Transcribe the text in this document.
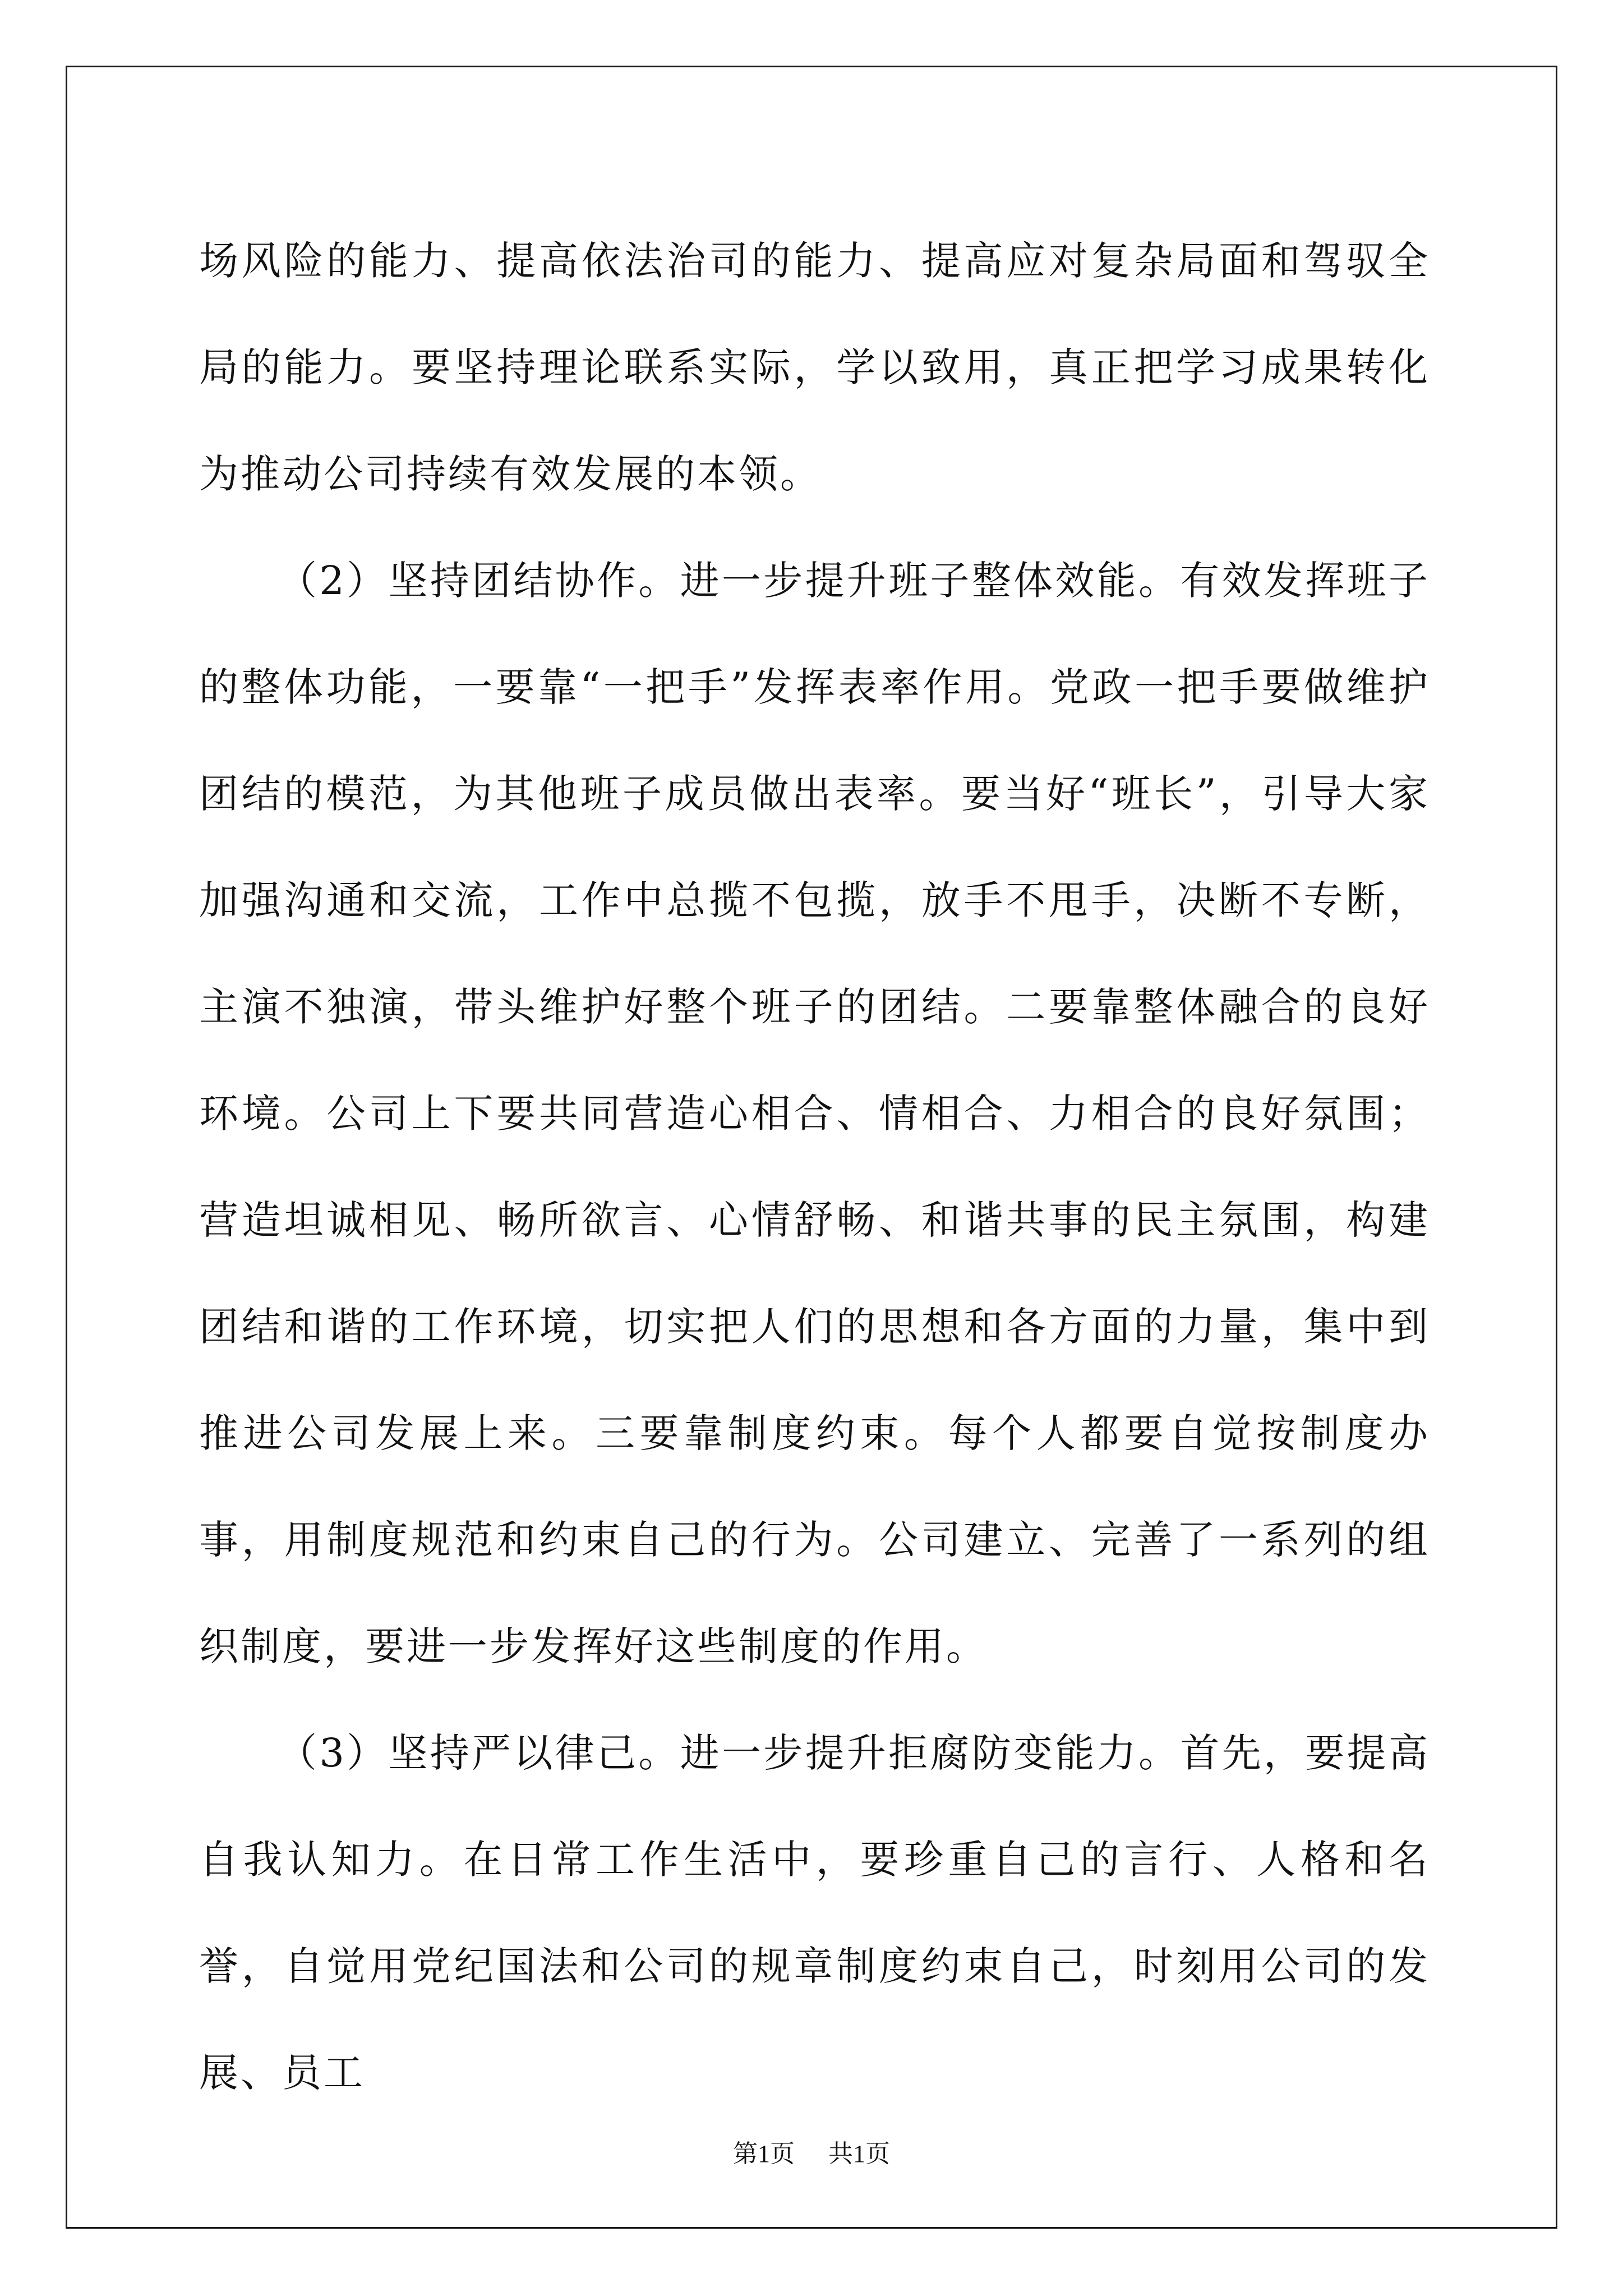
场风险的能力、提高依法治司的能力、提高应对复杂局面和驾驭全局的能力。要坚持理论联系实际，学以致用，真正把学习成果转化为推动公司持续有效发展的本领。

（2）坚持团结协作。进一步提升班子整体效能。有效发挥班子的整体功能，一要靠“一把手”发挥表率作用。党政一把手要做维护团结的模范，为其他班子成员做出表率。要当好“班长”，引导大家加强沟通和交流，工作中总揽不包揽，放手不甩手，决断不专断，主演不独演，带头维护好整个班子的团结。二要靠整体融合的良好环境。公司上下要共同营造心相合、情相合、力相合的良好氛围；营造坦诚相见、畅所欲言、心情舒畅、和谐共事的民主氛围，构建团结和谐的工作环境，切实把人们的思想和各方面的力量，集中到推进公司发展上来。三要靠制度约束。每个人都要自觉按制度办事，用制度规范和约束自己的行为。公司建立、完善了一系列的组织制度，要进一步发挥好这些制度的作用。

（3）坚持严以律己。进一步提升拒腐防变能力。首先，要提高自我认知力。在日常工作生活中，要珍重自己的言行、人格和名誉，自觉用党纪国法和公司的规章制度约束自己，时刻用公司的发展、员工

第1页 共1页
